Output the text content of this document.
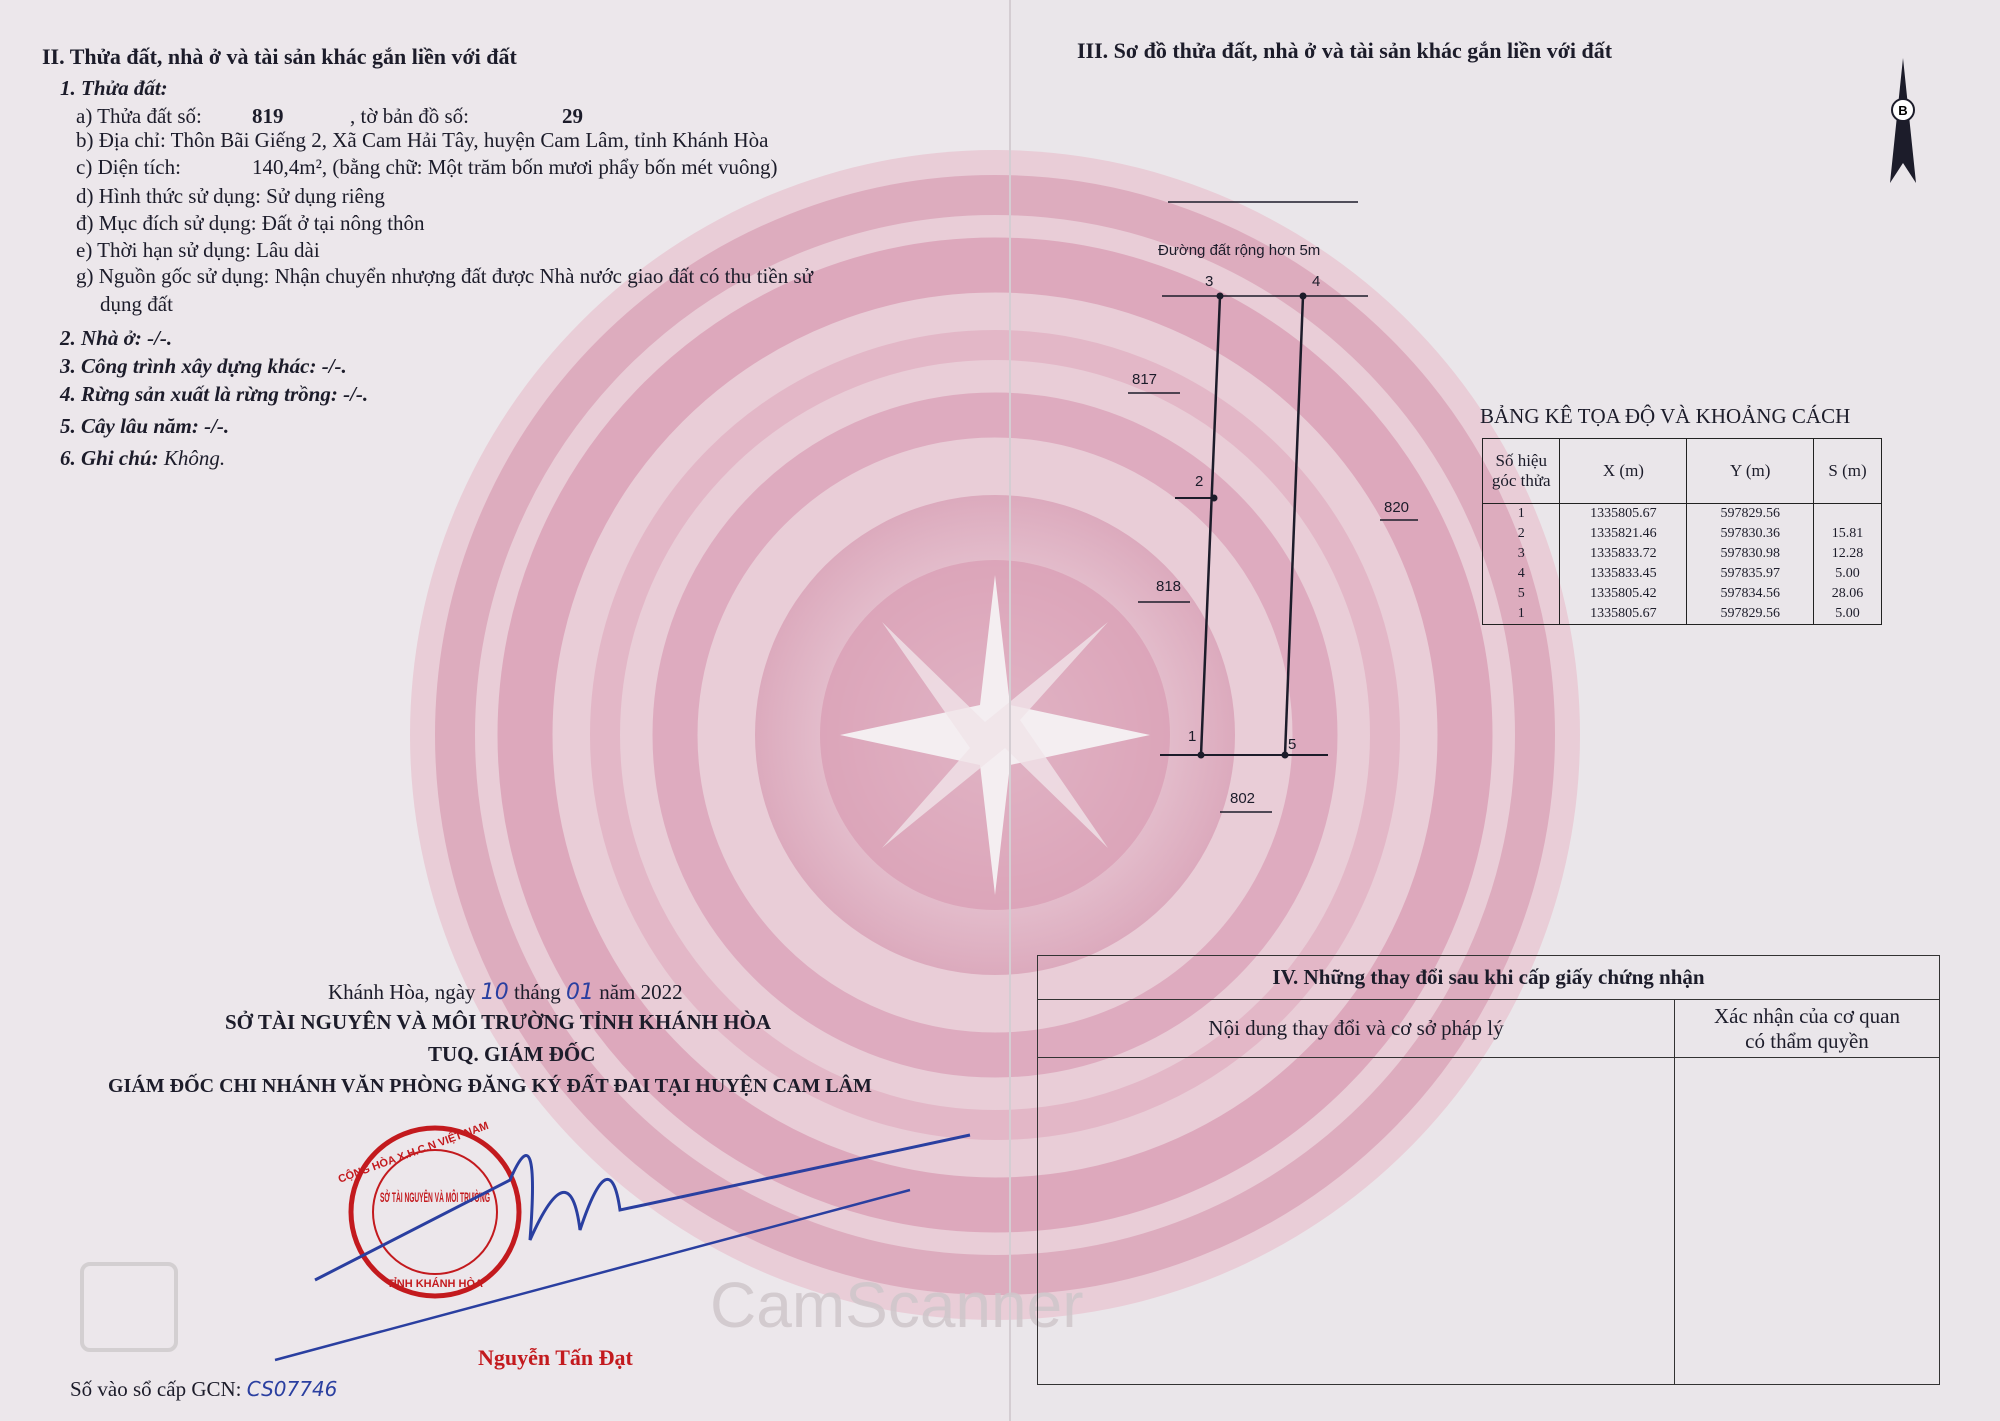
II. Thửa đất, nhà ở và tài sản khác gắn liền với đất
1. Thửa đất:
a) Thửa đất số: 819	, tờ bản đồ số:	29
b) Địa chỉ: Thôn Bãi Giếng 2, Xã Cam Hải Tây, huyện Cam Lâm, tỉnh Khánh Hòa
c) Diện tích:	140,4m², (bằng chữ: Một trăm bốn mươi phẩy bốn mét vuông)
d) Hình thức sử dụng: Sử dụng riêng
đ) Mục đích sử dụng: Đất ở tại nông thôn
e) Thời hạn sử dụng: Lâu dài
g) Nguồn gốc sử dụng: Nhận chuyển nhượng đất được Nhà nước giao đất có thu tiền sử
dụng đất
2. Nhà ở: -/-.
3. Công trình xây dựng khác: -/-.
4. Rừng sản xuất là rừng trồng: -/-.
5. Cây lâu năm: -/-.
6. Ghi chú: Không.
Khánh Hòa, ngày 10 tháng 01 năm 2022
SỞ TÀI NGUYÊN VÀ MÔI TRƯỜNG TỈNH KHÁNH HÒA
TUQ. GIÁM ĐỐC
GIÁM ĐỐC CHI NHÁNH VĂN PHÒNG ĐĂNG KÝ ĐẤT ĐAI TẠI HUYỆN CAM LÂM
CỘNG HÒA X.H.C.N VIỆT NAM
SỞ TÀI NGUYÊN VÀ MÔI TRƯỜNG
TỈNH KHÁNH HÒA
Nguyễn Tấn Đạt
Số vào sổ cấp GCN: CS07746
CamScanner
III. Sơ đồ thửa đất, nhà ở và tài sản khác gắn liền với đất
B
Đường đất rộng hơn 5m
3	4
2
1	5
817
818
820
802
BẢNG KÊ TỌA ĐỘ VÀ KHOẢNG CÁCH
Số hiệu góc thửa	X (m)	Y (m)	S (m)
1	1335805.67	597829.56	
2	1335821.46	597830.36	15.81
3	1335833.72	597830.98	12.28
4	1335833.45	597835.97	5.00
5	1335805.42	597834.56	28.06
1	1335805.67	597829.56	5.00
IV. Những thay đổi sau khi cấp giấy chứng nhận	
Nội dung thay đổi và cơ sở pháp lý	Xác nhận của cơ quan
có thẩm quyền
